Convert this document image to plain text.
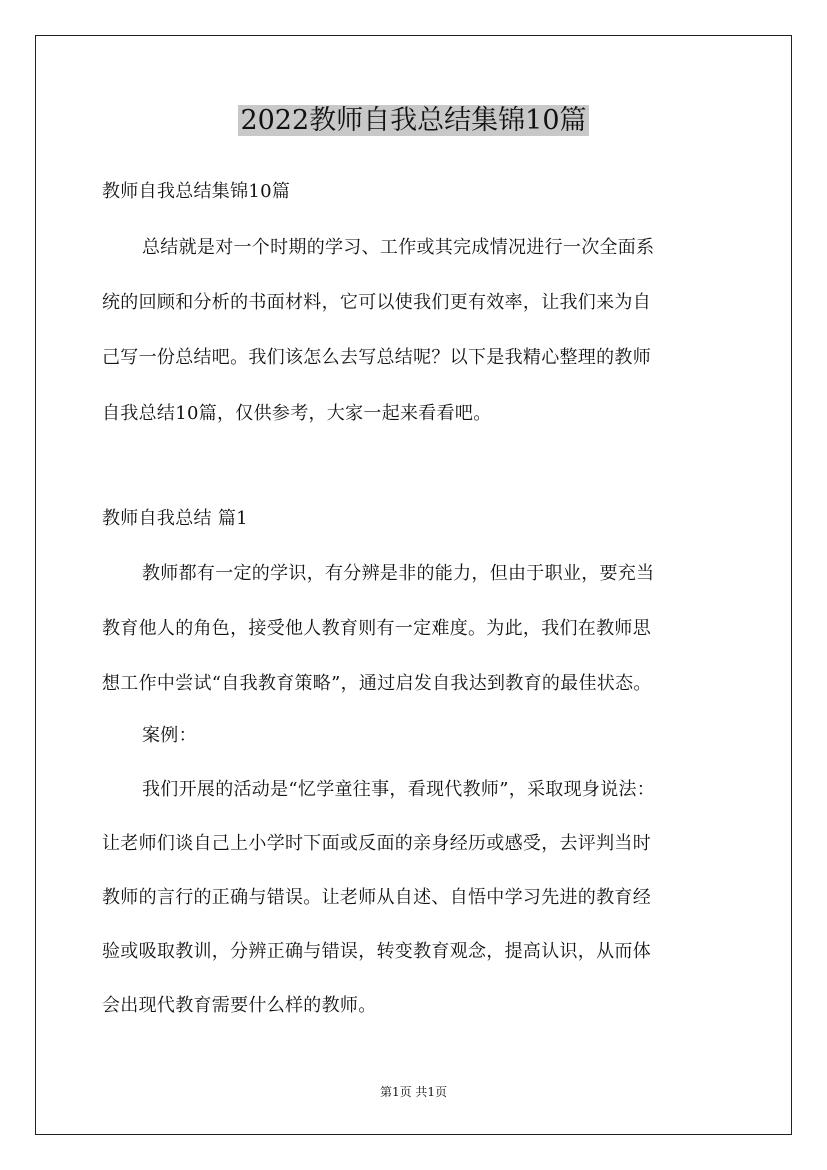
2022教师自我总结集锦10篇
教师自我总结集锦10篇
总结就是对一个时期的学习、工作或其完成情况进行一次全面系
统的回顾和分析的书面材料，它可以使我们更有效率，让我们来为自
己写一份总结吧。我们该怎么去写总结呢？以下是我精心整理的教师
自我总结10篇，仅供参考，大家一起来看看吧。
教师自我总结 篇1
教师都有一定的学识，有分辨是非的能力，但由于职业，要充当
教育他人的角色，接受他人教育则有一定难度。为此，我们在教师思
想工作中尝试“自我教育策略”，通过启发自我达到教育的最佳状态。
案例：
我们开展的活动是“忆学童往事，看现代教师”，采取现身说法：
让老师们谈自己上小学时下面或反面的亲身经历或感受，去评判当时
教师的言行的正确与错误。让老师从自述、自悟中学习先进的教育经
验或吸取教训，分辨正确与错误，转变教育观念，提高认识，从而体
会出现代教育需要什么样的教师。
第1页 共1页
